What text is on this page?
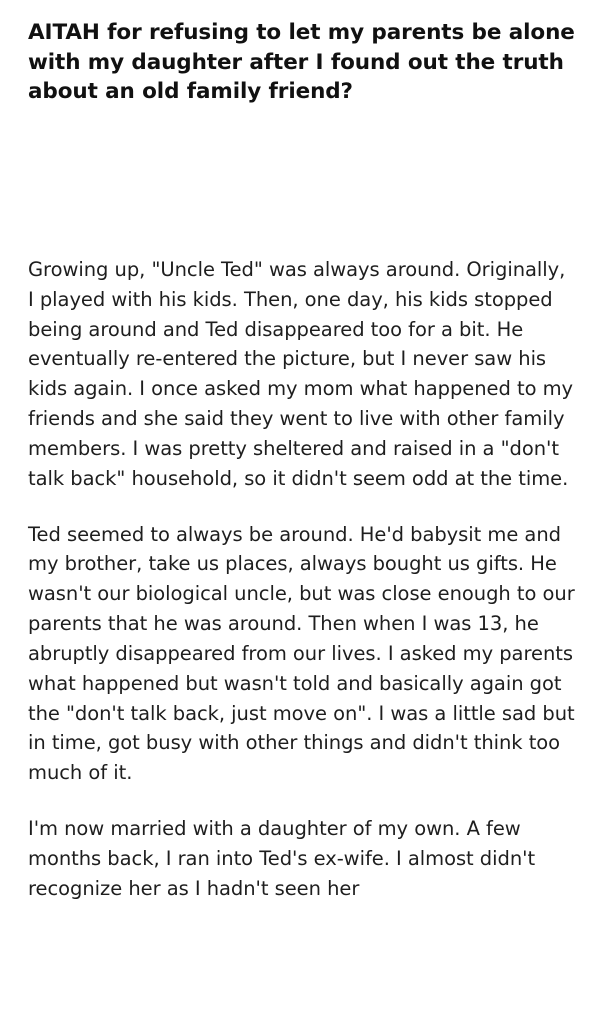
AITAH for refusing to let my parents be alone with my daughter after I found out the truth about an old family friend?

Growing up, "Uncle Ted" was always around. Originally, I played with his kids. Then, one day, his kids stopped being around and Ted disappeared too for a bit. He eventually re-entered the picture, but I never saw his kids again. I once asked my mom what happened to my friends and she said they went to live with other family members. I was pretty sheltered and raised in a "don't talk back" household, so it didn't seem odd at the time.

Ted seemed to always be around. He'd babysit me and my brother, take us places, always bought us gifts. He wasn't our biological uncle, but was close enough to our parents that he was around. Then when I was 13, he abruptly disappeared from our lives. I asked my parents what happened but wasn't told and basically again got the "don't talk back, just move on". I was a little sad but in time, got busy with other things and didn't think too much of it.

I'm now married with a daughter of my own. A few months back, I ran into Ted's ex-wife. I almost didn't recognize her as I hadn't seen her
